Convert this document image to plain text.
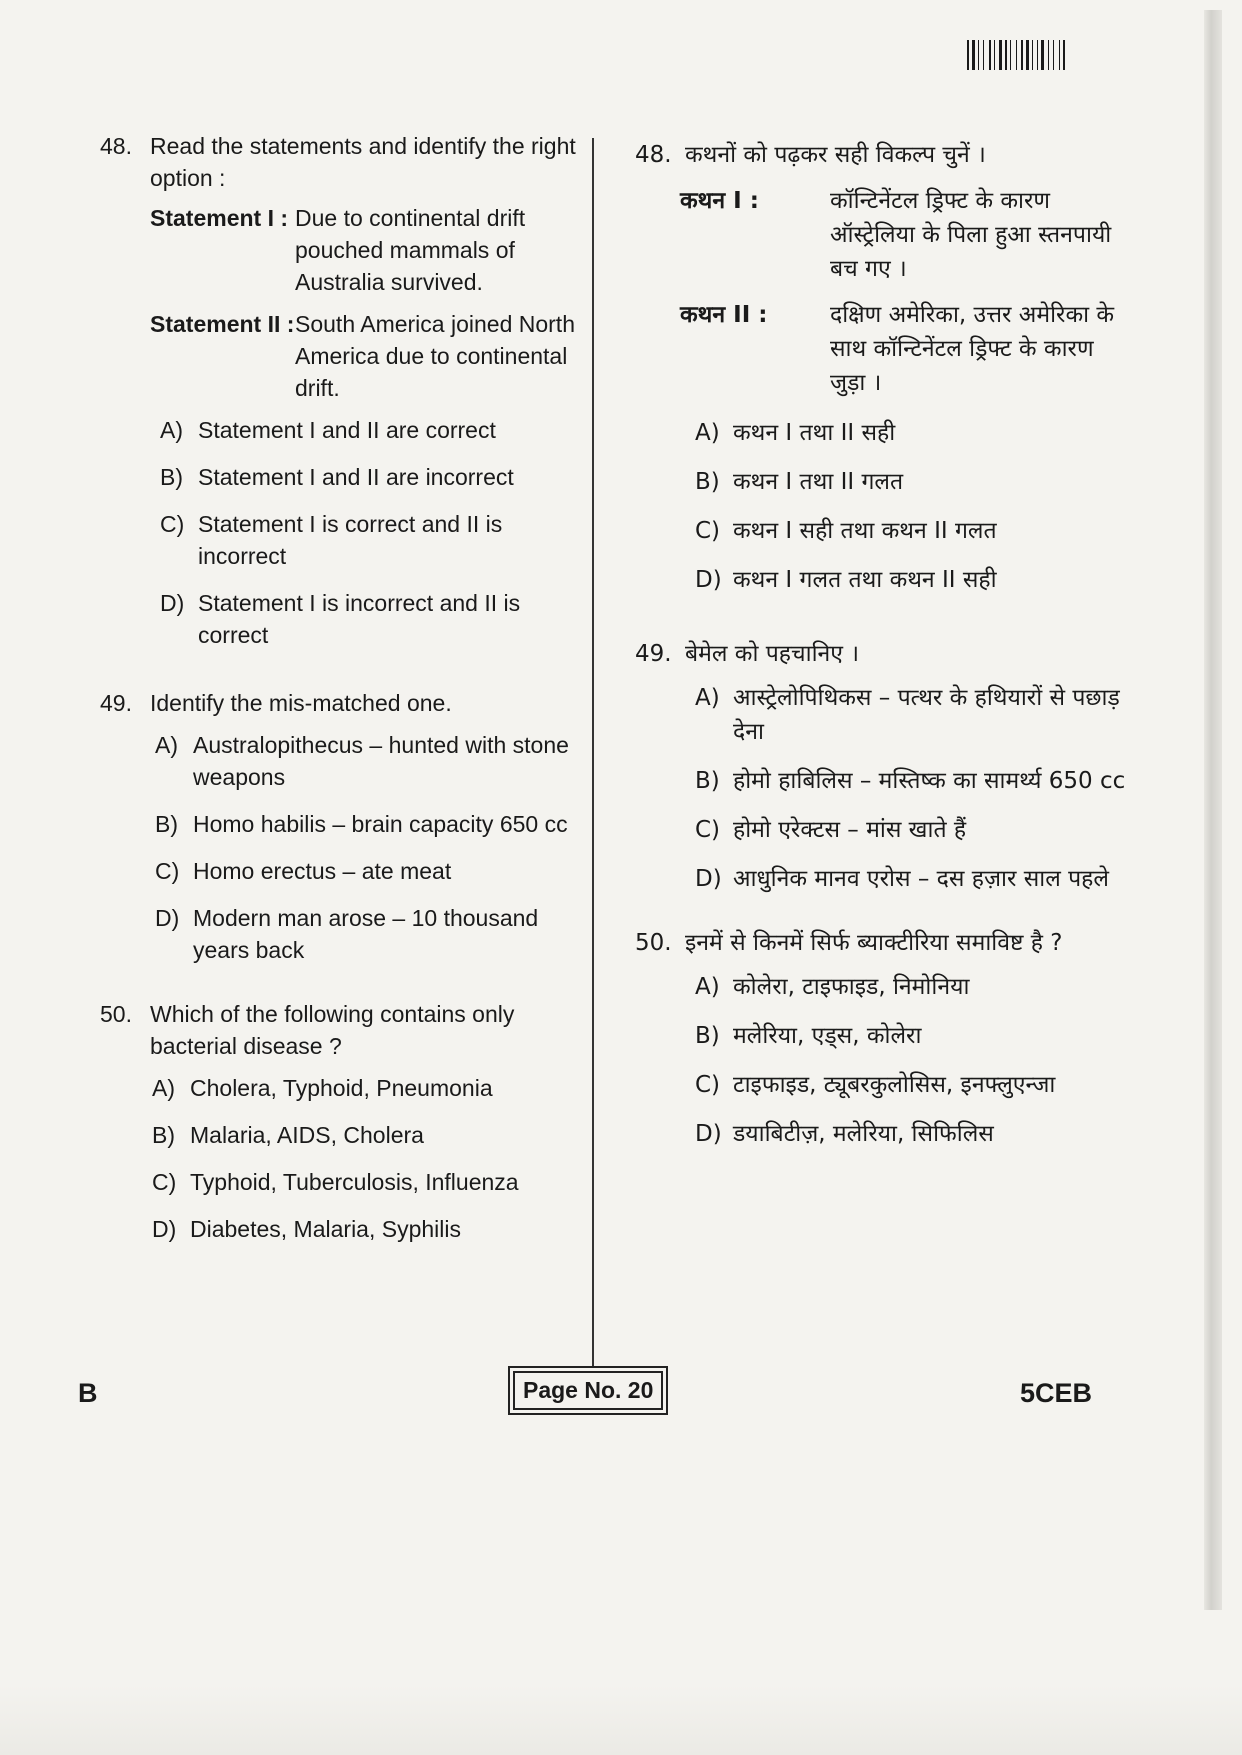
48. Read the statements and identify the right option :
Statement I : Due to continental drift pouched mammals of Australia survived.
Statement II : South America joined North America due to continental drift.
A) Statement I and II are correct
B) Statement I and II are incorrect
C) Statement I is correct and II is incorrect
D) Statement I is incorrect and II is correct
49. Identify the mis-matched one.
A) Australopithecus – hunted with stone weapons
B) Homo habilis – brain capacity 650 cc
C) Homo erectus – ate meat
D) Modern man arose – 10 thousand years back
50. Which of the following contains only bacterial disease ?
A) Cholera, Typhoid, Pneumonia
B) Malaria, AIDS, Cholera
C) Typhoid, Tuberculosis, Influenza
D) Diabetes, Malaria, Syphilis
48. कथनों को पढ़कर सही विकल्प चुनें ।
कथन I :	कॉन्टिनेंटल ड्रिफ्ट के कारण ऑस्ट्रेलिया के पिला हुआ स्तनपायी बच गए ।
कथन II :	दक्षिण अमेरिका, उत्तर अमेरिका के साथ कॉन्टिनेंटल ड्रिफ्ट के कारण जुड़ा ।
A) कथन I तथा II सही
B) कथन I तथा II गलत
C) कथन I सही तथा कथन II गलत
D) कथन I गलत तथा कथन II सही
49. बेमेल को पहचानिए ।
A) आस्ट्रेलोपिथिकस – पत्थर के हथियारों से पछाड़ देना
B) होमो हाबिलिस – मस्तिष्क का सामर्थ्य 650 cc
C) होमो एरेक्टस – मांस खाते हैं
D) आधुनिक मानव एरोस – दस हज़ार साल पहले
50. इनमें से किनमें सिर्फ ब्याक्टीरिया समाविष्ट है ?
A) कोलेरा, टाइफाइड, निमोनिया
B) मलेरिया, एड्स, कोलेरा
C) टाइफाइड, ट्यूबरकुलोसिस, इनफ्लुएन्जा
D) डयाबिटीज़, मलेरिया, सिफिलिस
B	Page No. 20	5CEB
